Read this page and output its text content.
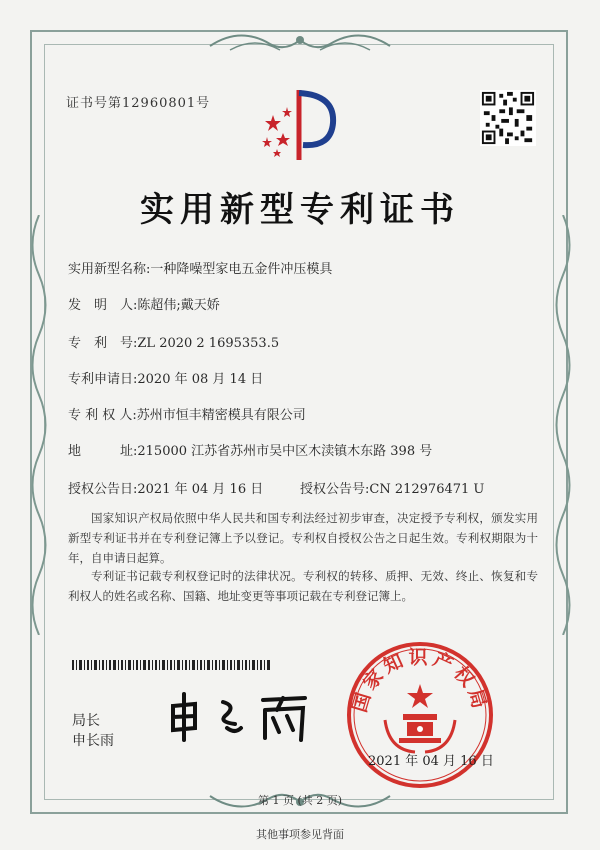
证书号第12960801号
实用新型专利证书
实用新型名称:一种降噪型家电五金件冲压模具
发　明　人:陈超伟;戴天娇
专　利　号:ZL 2020 2 1695353.5
专利申请日:2020 年 08 月 14 日
专 利 权 人:苏州市恒丰精密模具有限公司
地　　　址:215000 江苏省苏州市吴中区木渎镇木东路 398 号
授权公告日:2021 年 04 月 16 日	授权公告号:CN 212976471 U

国家知识产权局依照中华人民共和国专利法经过初步审查，决定授予专利权，颁发实用新型专利证书并在专利登记簿上予以登记。专利权自授权公告之日起生效。专利权期限为十年，自申请日起算。

专利证书记载专利权登记时的法律状况。专利权的转移、质押、无效、终止、恢复和专利权人的姓名或名称、国籍、地址变更等事项记载在专利登记簿上。

局长
申长雨
国家知识产权局
2021 年 04 月 16 日
第 1 页 (共 2 页)
其他事项参见背面
